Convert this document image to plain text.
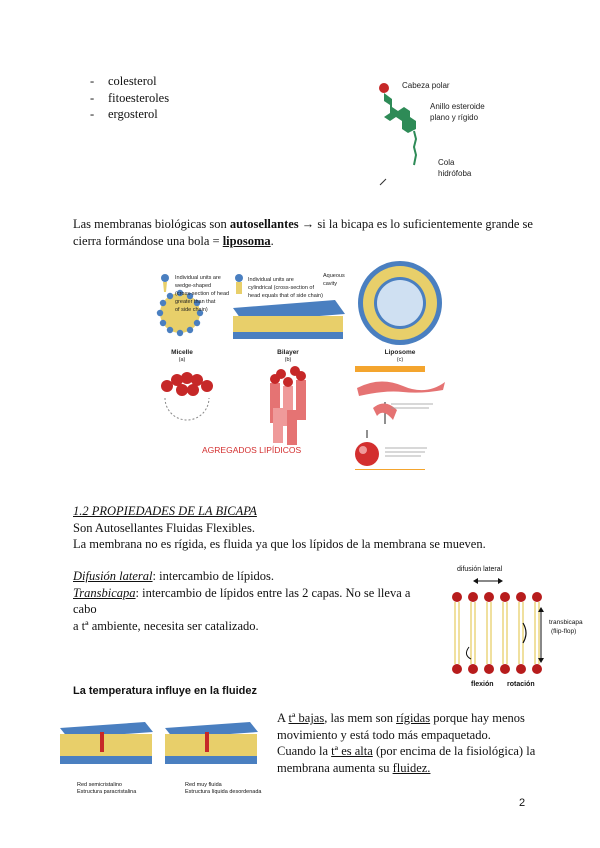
- colesterol
- fitoesteroles
- ergosterol
Cabeza polar
Anillo esteroide
plano y rígido
Cola
hidrófoba
Las membranas biológicas son autosellantes → si la bicapa es lo suficientemente grande se
cierra formándose una bola = liposoma.
Individual units are
wedge-shaped
(cross-section of head
greater than that
of side chain)
Individual units are
cylindrical (cross-section of
head equals that of side chain)
Aqueous
cavity
Micelle
(a)
Bilayer
(b)
Liposome
(c)
AGREGADOS LIPÍDICOS
1.2 PROPIEDADES DE LA BICAPA
Son Autosellantes Fluidas Flexibles.
La membrana no es rígida, es fluida ya que los lípidos de la membrana se mueven.
Difusión lateral: intercambio de lípidos.
Transbicapa: intercambio de lípidos entre las 2 capas. No se lleva a cabo
a tª ambiente, necesita ser catalizado.
difusión lateral
transbicapa
(flip-flop)
flexión rotación
La temperatura influye en la fluidez
Red semicristalino
Estructura paracristalina
Red muy fluida
Estructura líquida desordenada
A tª bajas, las mem son rígidas porque hay menos
movimiento y está todo más empaquetado.
Cuando la tª es alta (por encima de la fisiológica) la
membrana aumenta su fluidez.
2
